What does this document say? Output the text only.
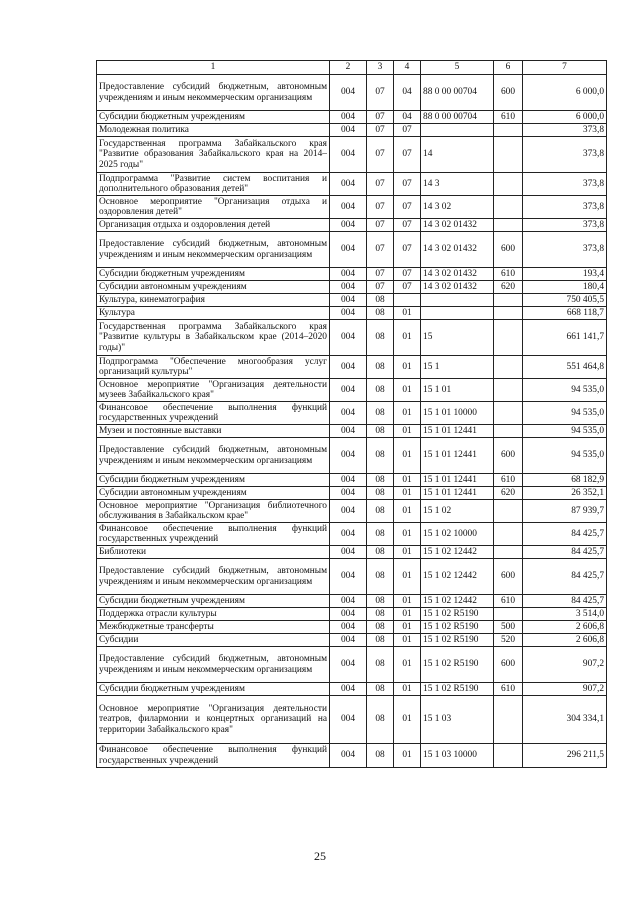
1	2	3	4	5	6	7
Предоставление субсидий бюджетным, автономным учреждениям и иным некоммерческим организациям	004	07	04	88 0 00 00704	600	6 000,0
Субсидии бюджетным учреждениям	004	07	04	88 0 00 00704	610	6 000,0
Молодежная политика	004	07	07			373,8
Государственная программа Забайкальского края "Развитие образования Забайкальского края на 2014–2025 годы"	004	07	07	14		373,8
Подпрограмма "Развитие систем воспитания и дополнительного образования детей"	004	07	07	14 3		373,8
Основное мероприятие "Организация отдыха и оздоровления детей"	004	07	07	14 3 02		373,8
Организация отдыха и оздоровления детей	004	07	07	14 3 02 01432		373,8
Предоставление субсидий бюджетным, автономным учреждениям и иным некоммерческим организациям	004	07	07	14 3 02 01432	600	373,8
Субсидии бюджетным учреждениям	004	07	07	14 3 02 01432	610	193,4
Субсидии автономным учреждениям	004	07	07	14 3 02 01432	620	180,4
Культура, кинематография	004	08				750 405,5
Культура	004	08	01			668 118,7
Государственная программа Забайкальского края "Развитие культуры в Забайкальском крае (2014–2020 годы)"	004	08	01	15		661 141,7
Подпрограмма "Обеспечение многообразия услуг организаций культуры"	004	08	01	15 1		551 464,8
Основное мероприятие "Организация деятельности музеев Забайкальского края"	004	08	01	15 1 01		94 535,0
Финансовое обеспечение выполнения функций государственных учреждений	004	08	01	15 1 01 10000		94 535,0
Музеи и постоянные выставки	004	08	01	15 1 01 12441		94 535,0
Предоставление субсидий бюджетным, автономным учреждениям и иным некоммерческим организациям	004	08	01	15 1 01 12441	600	94 535,0
Субсидии бюджетным учреждениям	004	08	01	15 1 01 12441	610	68 182,9
Субсидии автономным учреждениям	004	08	01	15 1 01 12441	620	26 352,1
Основное мероприятие "Организация библиотечного обслуживания в Забайкальском крае"	004	08	01	15 1 02		87 939,7
Финансовое обеспечение выполнения функций государственных учреждений	004	08	01	15 1 02 10000		84 425,7
Библиотеки	004	08	01	15 1 02 12442		84 425,7
Предоставление субсидий бюджетным, автономным учреждениям и иным некоммерческим организациям	004	08	01	15 1 02 12442	600	84 425,7
Субсидии бюджетным учреждениям	004	08	01	15 1 02 12442	610	84 425,7
Поддержка отрасли культуры	004	08	01	15 1 02 R5190		3 514,0
Межбюджетные трансферты	004	08	01	15 1 02 R5190	500	2 606,8
Субсидии	004	08	01	15 1 02 R5190	520	2 606,8
Предоставление субсидий бюджетным, автономным учреждениям и иным некоммерческим организациям	004	08	01	15 1 02 R5190	600	907,2
Субсидии бюджетным учреждениям	004	08	01	15 1 02 R5190	610	907,2
Основное мероприятие "Организация деятельности театров, филармонии и концертных организаций на территории Забайкальского края"	004	08	01	15 1 03		304 334,1
Финансовое обеспечение выполнения функций государственных учреждений	004	08	01	15 1 03 10000		296 211,5
25
